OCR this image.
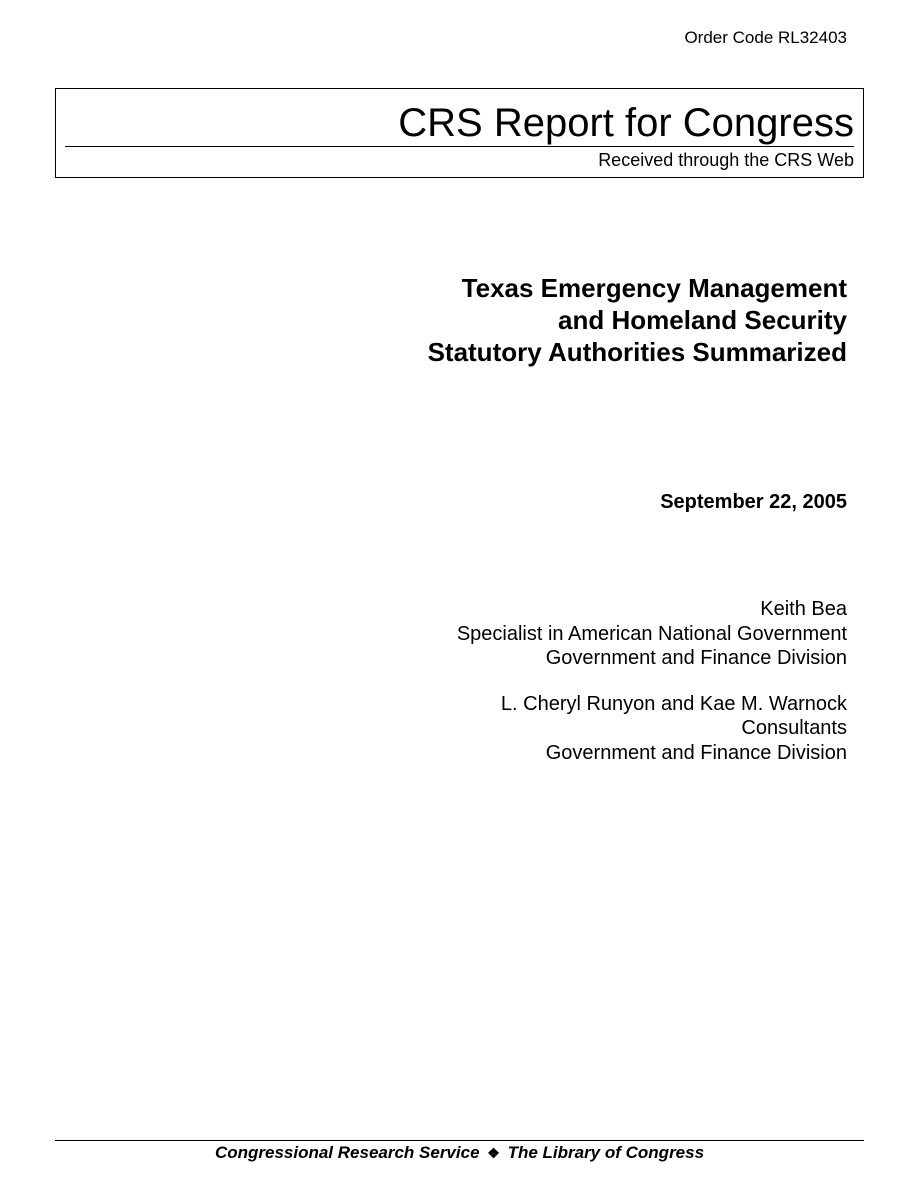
Order Code RL32403
CRS Report for Congress
Received through the CRS Web
Texas Emergency Management
and Homeland Security
Statutory Authorities Summarized
September 22, 2005
Keith Bea
Specialist in American National Government
Government and Finance Division
L. Cheryl Runyon and Kae M. Warnock
Consultants
Government and Finance Division
Congressional Research Service ❖ The Library of Congress
